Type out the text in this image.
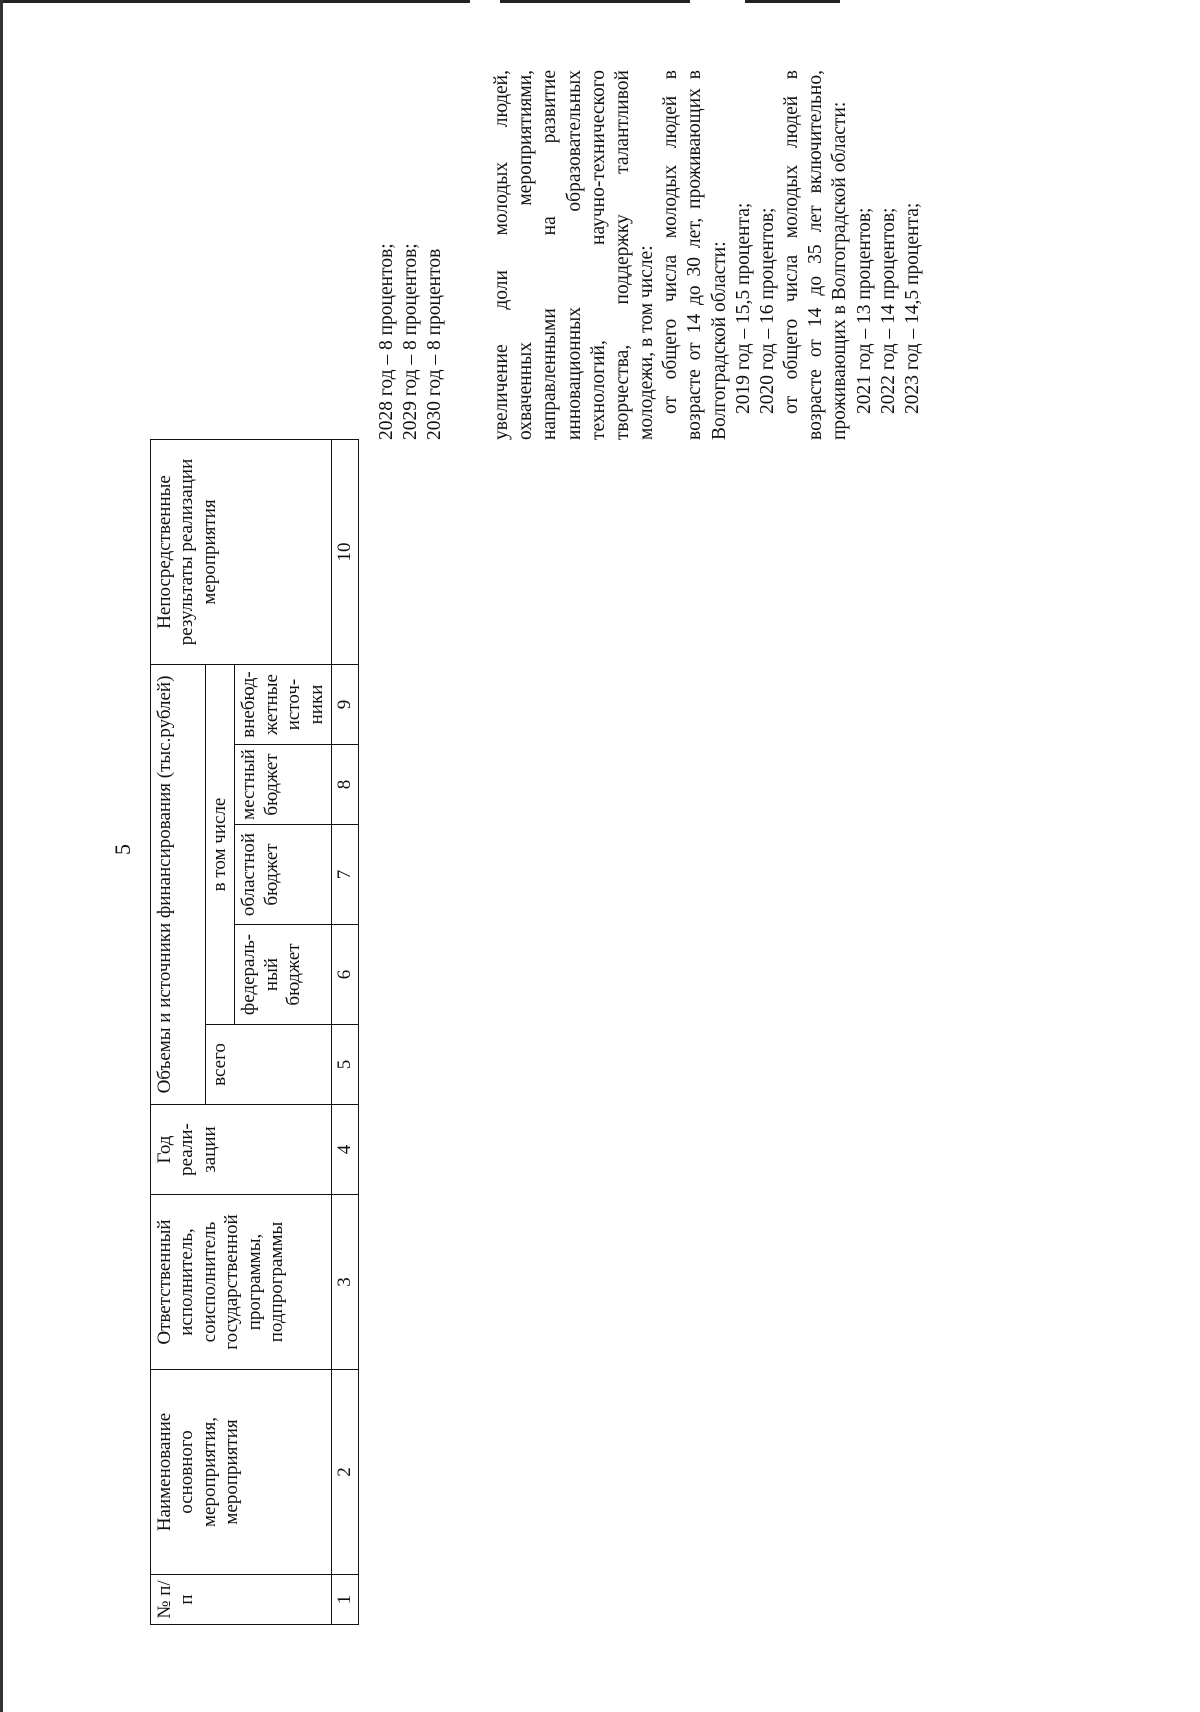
5
№ п/п	Наименование основного мероприятия, мероприятия	Ответственный исполнитель, соисполнитель государственной программы, подпрограммы	Год реали-зации	Объемы и источники финансирования (тыс.рублей)					Непосредственные результаты реализации мероприятия

				всего	в том числе				

					федераль-ный бюджет	областной бюджет	местный бюджет	внебюд-жетные источ-ники	

1	2	3	4	5	6	7	8	9	10
2028 год – 8 процентов; 2029 год – 8 процентов; 2030 год – 8 процентов увеличение доли молодых людей, охваченных мероприятиями, направленными на развитие инновационных образовательных технологий, научно-технического творчества, поддержку талантливой молодежи, в том числе: от общего числа молодых людей в возрасте от 14 до 30 лет, проживающих в Волгоградской области: 2019 год – 15,5 процента; 2020 год – 16 процентов; от общего числа молодых людей в возрасте от 14 до 35 лет включительно, проживающих в Волгоградской области: 2021 год – 13 процентов; 2022 год – 14 процентов; 2023 год – 14,5 процента;
